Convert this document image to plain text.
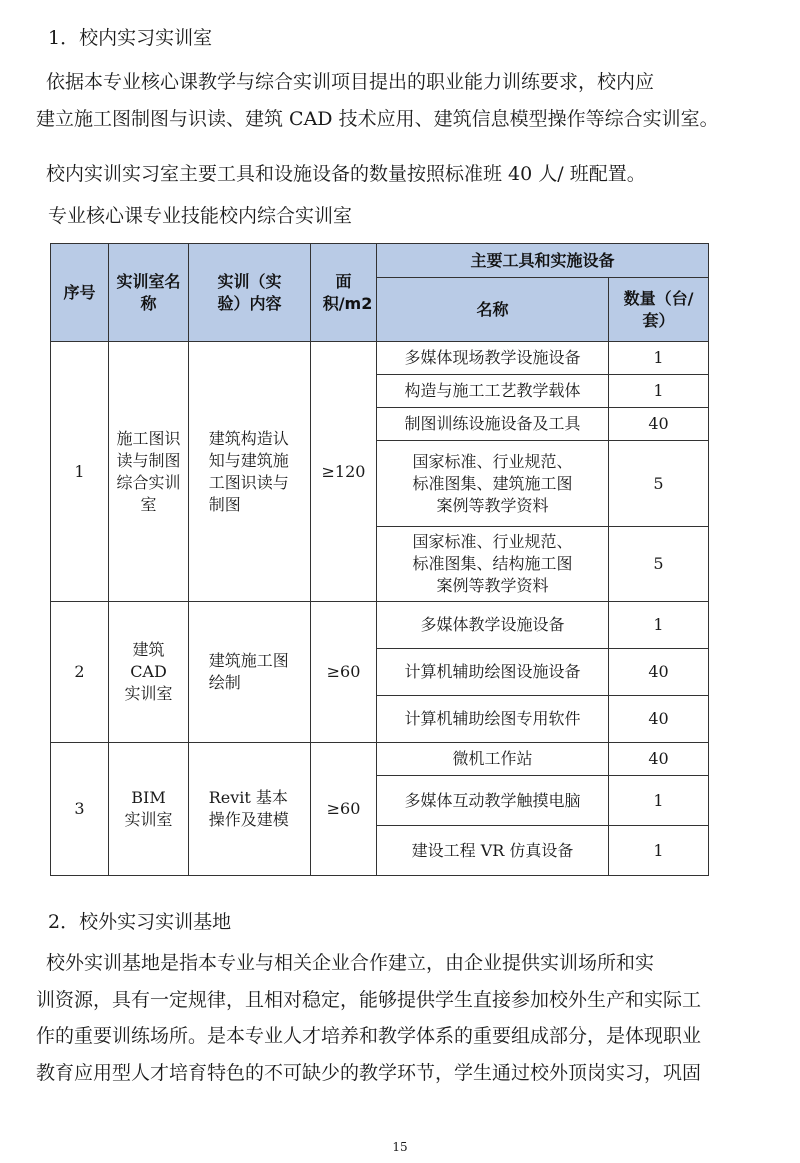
1．校内实习实训室
依据本专业核心课教学与综合实训项目提出的职业能力训练要求，校内应
建立施工图制图与识读、建筑 CAD 技术应用、建筑信息模型操作等综合实训室。
校内实训实习室主要工具和设施设备的数量按照标准班 40 人/ 班配置。
专业核心课专业技能校内综合实训室
序号	实训室名称	实训（实验）内容	面积/m2	主要工具和实施设备	
				名称	数量（台/套）
1	施工图识读与制图综合实训室	建筑构造认知与建筑施工图识读与制图	≥120	多媒体现场教学设施设备	1
				构造与施工工艺教学载体	1
				制图训练设施设备及工具	40
				国家标准、行业规范、标准图集、建筑施工图案例等教学资料	5
				国家标准、行业规范、标准图集、结构施工图案例等教学资料	5
2	建筑 CAD 实训室	建筑施工图绘制	≥60	多媒体教学设施设备	1
				计算机辅助绘图设施设备	40
				计算机辅助绘图专用软件	40
3	BIM 实训室	Revit 基本操作及建模	≥60	微机工作站	40
				多媒体互动教学触摸电脑	1
				建设工程 VR 仿真设备	1
2．校外实习实训基地
校外实训基地是指本专业与相关企业合作建立，由企业提供实训场所和实
训资源，具有一定规律，且相对稳定，能够提供学生直接参加校外生产和实际工
作的重要训练场所。是本专业人才培养和教学体系的重要组成部分，是体现职业
教育应用型人才培育特色的不可缺少的教学环节，学生通过校外顶岗实习，巩固
15
